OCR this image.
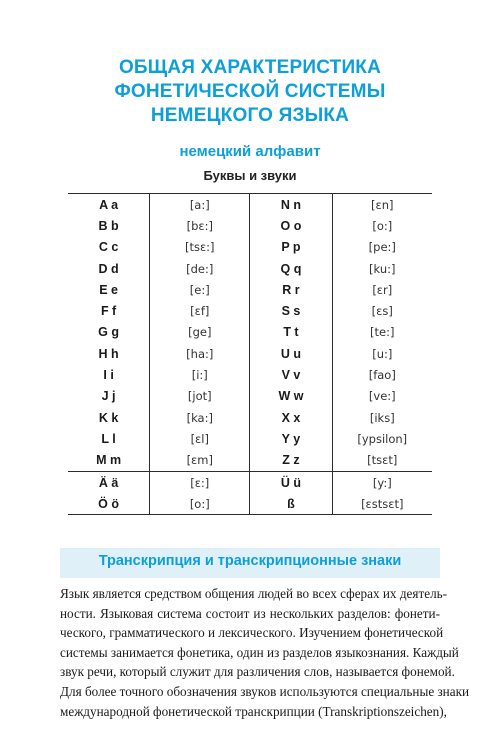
ОБЩАЯ ХАРАКТЕРИСТИКА
ФОНЕТИЧЕСКОЙ СИСТЕМЫ
НЕМЕЦКОГО ЯЗЫКА
немецкий алфавит
Буквы и звуки
A a	[a:]	N n	[ɛn]
B b	[bɛ:]	O o	[o:]
C c	[tsɛ:]	P p	[pe:]
D d	[de:]	Q q	[ku:]
E e	[e:]	R r	[ɛr]
F f	[ɛf]	S s	[ɛs]
G g	[ge]	T t	[te:]
H h	[ha:]	U u	[u:]
I i	[i:]	V v	[fao]
J j	[jot]	W w	[ve:]
K k	[ka:]	X x	[iks]
L l	[ɛl]	Y y	[ypsilon]
M m	[ɛm]	Z z	[tsɛt]
Ä ä	[ɛ:]	Ü ü	[y:]
Ö ö	[o:]	ß	[ɛstsɛt]
Транскрипция и транскрипционные знаки
Язык является средством общения людей во всех сферах их деятель-
ности. Языковая система состоит из нескольких разделов: фонети-
ческого, грамматического и лексического. Изучением фонетической
системы занимается фонетика, один из разделов языкознания. Каждый
звук речи, который служит для различения слов, называется фонемой.
Для более точного обозначения звуков используются специальные знаки
международной фонетической транскрипции (Transkriptionszeichen),
